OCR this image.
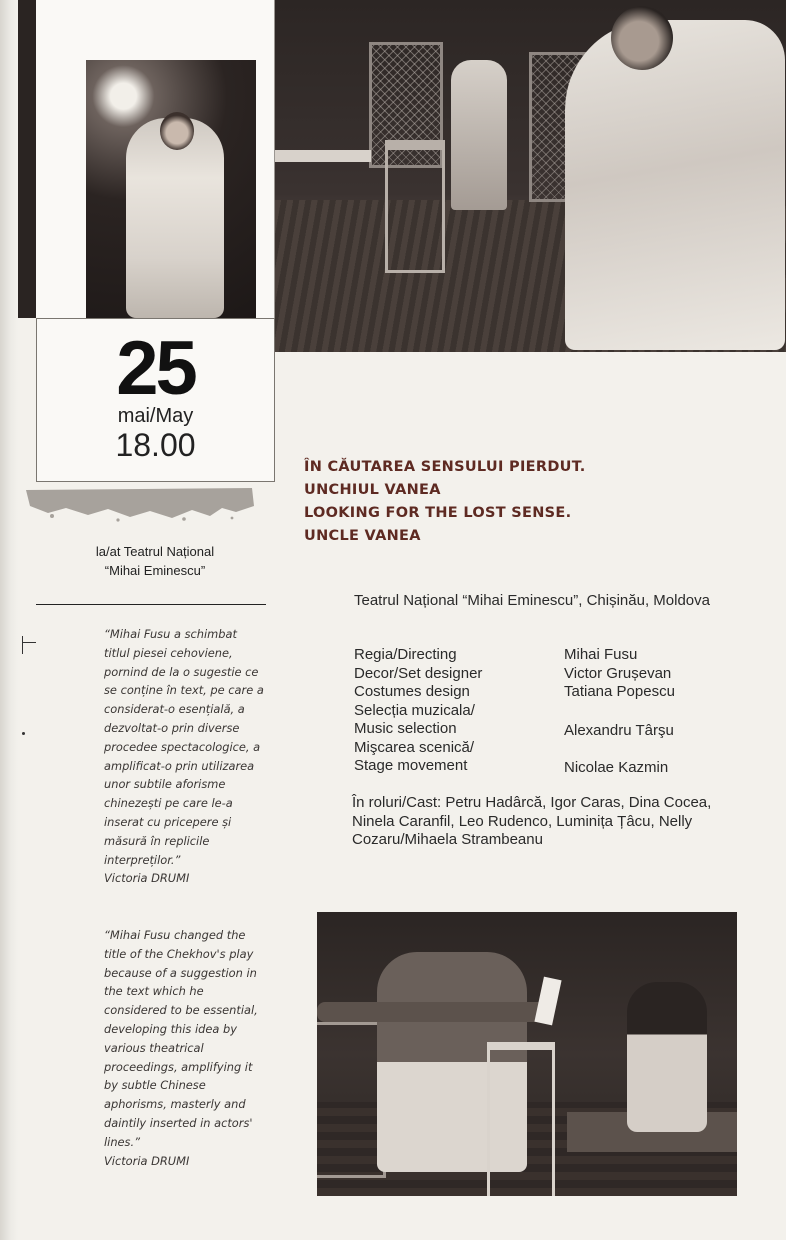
25
mai/May
18.00
la/at Teatrul Național
“Mihai Eminescu”
“Mihai Fusu a schimbat
titlul piesei cehoviene,
pornind de la o sugestie ce
se conține în text, pe care a
considerat-o esențială, a
dezvoltat-o prin diverse
procedee spectacologice, a
amplificat-o prin utilizarea
unor subtile aforisme
chinezești pe care le-a
inserat cu pricepere și
măsură în replicile
interpreților.”
Victoria DRUMI
“Mihai Fusu changed the
title of the Chekhov's play
because of a suggestion in
the text which he
considered to be essential,
developing this idea by
various theatrical
proceedings, amplifying it
by subtle Chinese
aphorisms, masterly and
daintily inserted in actors'
lines.”
Victoria DRUMI
ÎN CĂUTAREA SENSULUI PIERDUT.
UNCHIUL VANEA
LOOKING FOR THE LOST SENSE.
UNCLE VANEA
Teatrul Național “Mihai Eminescu”, Chișinău, Moldova
Regia/Directing	Mihai Fusu
Decor/Set designer	Victor Grușevan
Costumes design	Tatiana Popescu
Selecția muzicala/
Music selection	Alexandru Târşu
Mişcarea scenică/
Stage movement	Nicolae Kazmin
În roluri/Cast: Petru Hadârcă, Igor Caras, Dina Cocea,
Ninela Caranfil, Leo Rudenco, Luminița Țâcu, Nelly
Cozaru/Mihaela Strambeanu
